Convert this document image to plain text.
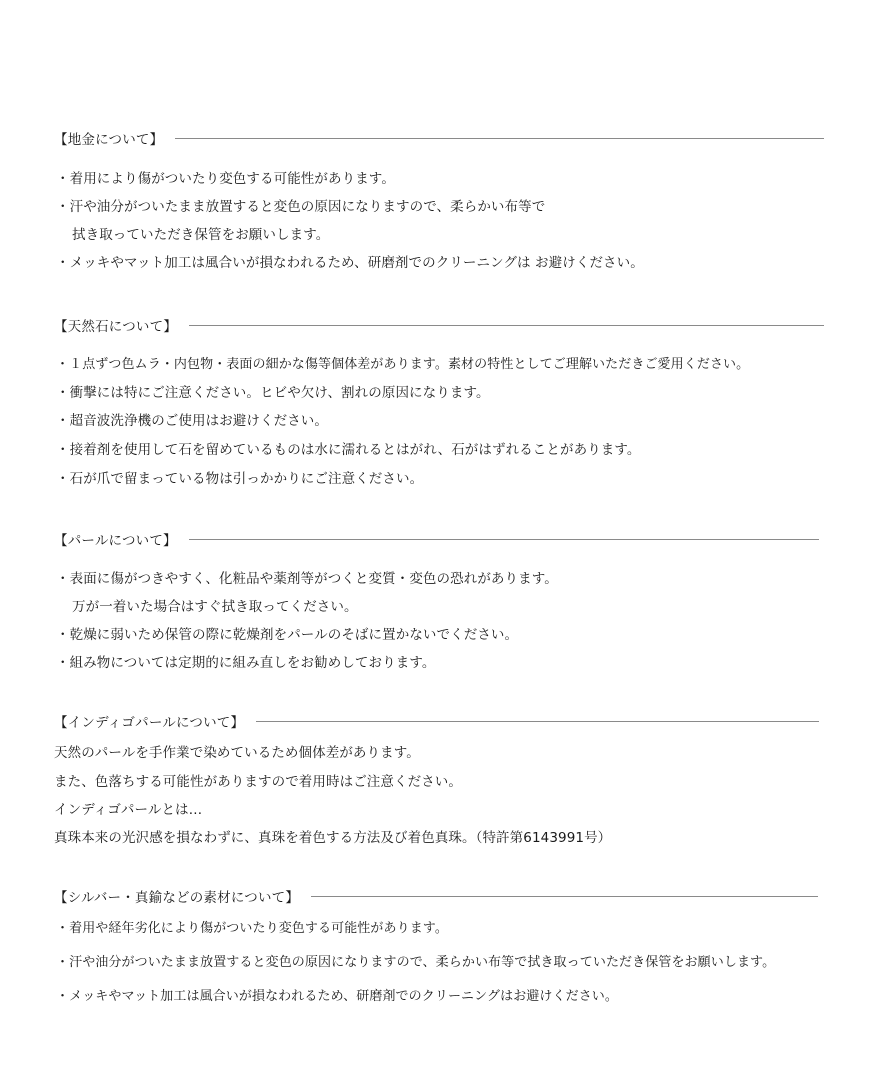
【地金について】
・着用により傷がついたり変色する可能性があります。
・汗や油分がついたまま放置すると変色の原因になりますので、柔らかい布等で
拭き取っていただき保管をお願いします。
・メッキやマット加工は風合いが損なわれるため、研磨剤でのクリーニングは お避けください。
【天然石について】
・１点ずつ色ムラ・内包物・表面の細かな傷等個体差があります。素材の特性としてご理解いただきご愛用ください。
・衝撃には特にご注意ください。ヒビや欠け、割れの原因になります。
・超音波洗浄機のご使用はお避けください。
・接着剤を使用して石を留めているものは水に濡れるとはがれ、石がはずれることがあります。
・石が爪で留まっている物は引っかかりにご注意ください。
【パールについて】
・表面に傷がつきやすく、化粧品や薬剤等がつくと変質・変色の恐れがあります。
万が一着いた場合はすぐ拭き取ってください。
・乾燥に弱いため保管の際に乾燥剤をパールのそばに置かないでください。
・組み物については定期的に組み直しをお勧めしております。
【インディゴパールについて】
天然のパールを手作業で染めているため個体差があります。
また、色落ちする可能性がありますので着用時はご注意ください。
インディゴパールとは…
真珠本来の光沢感を損なわずに、真珠を着色する方法及び着色真珠。（特許第6143991号）
【シルバー・真鍮などの素材について】
・着用や経年劣化により傷がついたり変色する可能性があります。
・汗や油分がついたまま放置すると変色の原因になりますので、柔らかい布等で拭き取っていただき保管をお願いします。
・メッキやマット加工は風合いが損なわれるため、研磨剤でのクリーニングはお避けください。
